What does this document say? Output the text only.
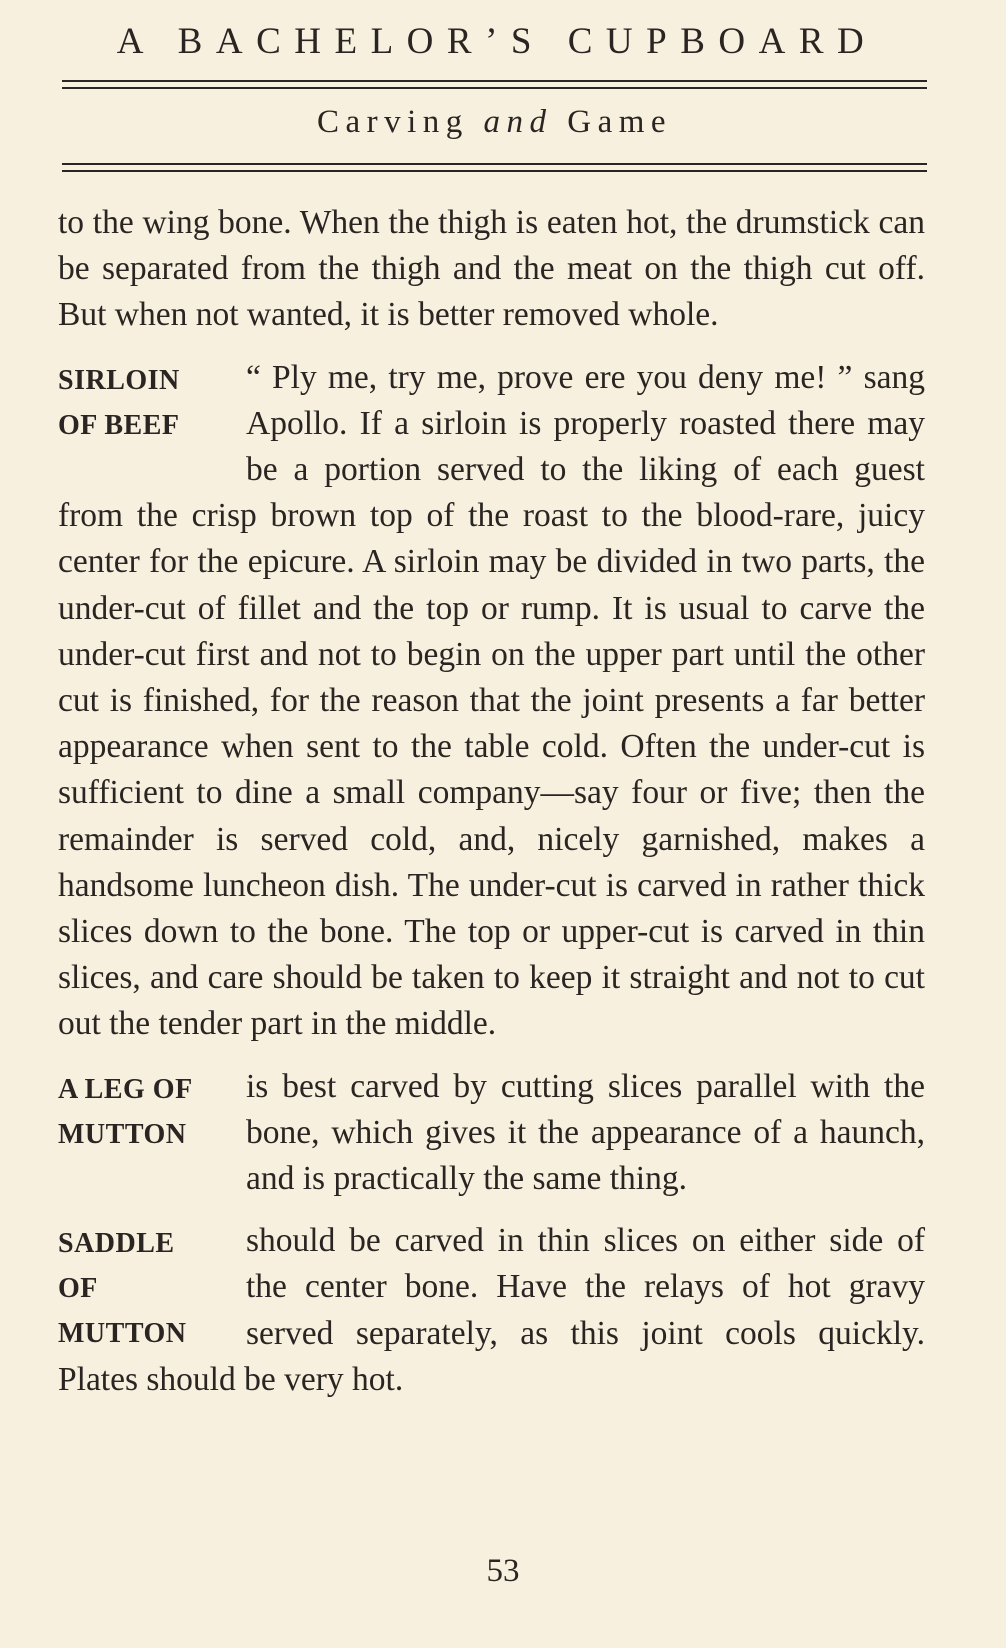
A BACHELOR’S CUPBOARD
Carving and Game

to the wing bone. When the thigh is eaten hot, the drumstick can be separated from the thigh and the meat on the thigh cut off. But when not wanted, it is better removed whole.

SIRLOIN
OF BEEF

“ Ply me, try me, prove ere you deny me! ” sang Apollo. If a sirloin is properly roasted there may be a portion served to the liking of each guest from the crisp brown top of the roast to the blood-rare, juicy center for the epicure. A sirloin may be divided in two parts, the under-cut of fillet and the top or rump. It is usual to carve the under-cut first and not to begin on the upper part until the other cut is finished, for the reason that the joint presents a far better appearance when sent to the table cold. Often the under-cut is sufficient to dine a small company—say four or five; then the remainder is served cold, and, nicely garnished, makes a handsome luncheon dish. The under-cut is carved in rather thick slices down to the bone. The top or upper-cut is carved in thin slices, and care should be taken to keep it straight and not to cut out the tender part in the middle.

A LEG OF
MUTTON

is best carved by cutting slices parallel with the bone, which gives it the appearance of a haunch, and is practically the same thing.

SADDLE
OF
MUTTON

should be carved in thin slices on either side of the center bone. Have the relays of hot gravy served separately, as this joint cools quickly. Plates should be very hot.

53
